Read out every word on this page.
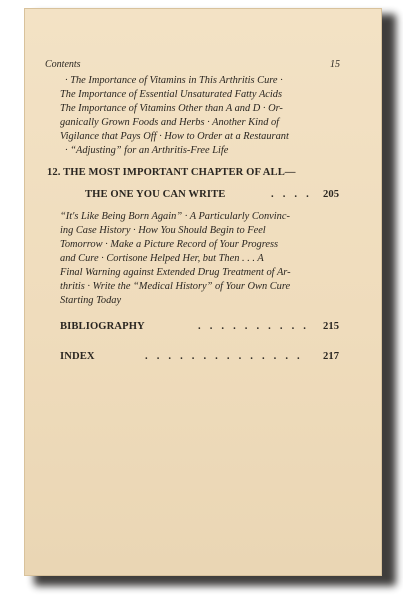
Contents	15
· The Importance of Vitamins in This Arthritis Cure ·
The Importance of Essential Unsaturated Fatty Acids
The Importance of Vitamins Other than A and D · Or-
ganically Grown Foods and Herbs · Another Kind of
Vigilance that Pays Off · How to Order at a Restaurant
· “Adjusting” for an Arthritis-Free Life
12. THE MOST IMPORTANT CHAPTER OF ALL—
THE ONE YOU CAN WRITE	. . . . 205
“It's Like Being Born Again” · A Particularly Convinc-
ing Case History · How You Should Begin to Feel
Tomorrow · Make a Picture Record of Your Progress
and Cure · Cortisone Helped Her, but Then . . . A
Final Warning against Extended Drug Treatment of Ar-
thritis · Write the “Medical History” of Your Own Cure
Starting Today
BIBLIOGRAPHY	. . . . . . . . . . 215
INDEX	. . . . . . . . . . . . . . 217
